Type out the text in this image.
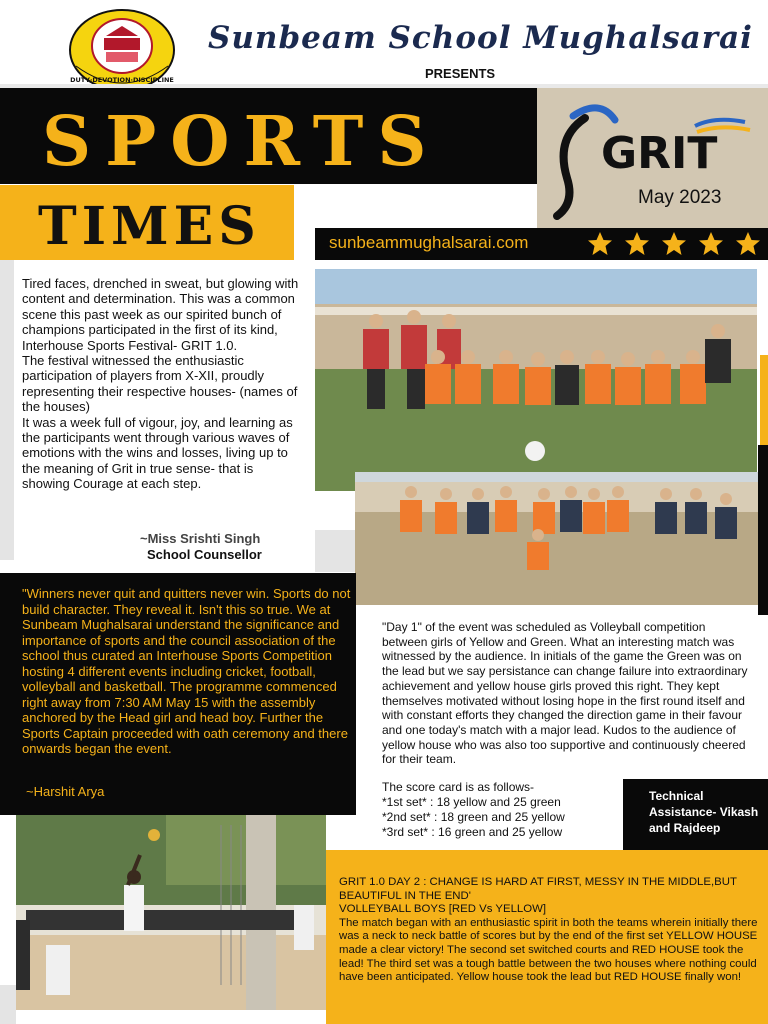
DUTY·DEVOTION·DISCIPLINE
Sunbeam School Mughalsarai
PRESENTS
SPORTS
TIMES
GRIT
May 2023
sunbeammughalsarai.com

Tired faces, drenched in sweat, but glowing with content and determination. This was a common scene this past week as our spirited bunch of champions participated in the first of its kind, Interhouse Sports Festival- GRIT 1.0.

The festival witnessed the enthusiastic participation of players from X-XII, proudly representing their respective houses- (names of the houses)

It was a week full of vigour, joy, and learning as the participants went through various waves of emotions with the wins and losses, living up to the meaning of Grit in true sense- that is showing Courage at each step.

~Miss Srishti Singh
School Counsellor
"Winners never quit and quitters never win. Sports do not build character. They reveal it. Isn't this so true. We at Sunbeam Mughalsarai understand the significance and importance of sports and the council association of the school thus curated an Interhouse Sports Competition hosting 4 different events including cricket, football, volleyball and basketball. The programme commenced right away from 7:30 AM May 15 with the assembly anchored by the Head girl and head boy. Further the Sports Captain proceeded with oath ceremony and there onwards began the event.
~Harshit Arya

"Day 1" of the event was scheduled as Volleyball competition between girls of Yellow and Green. What an interesting match was witnessed by the audience. In initials of the game the Green was on the lead but we say persistance can change failure into extraordinary achievement and yellow house girls proved this right. They kept themselves motivated without losing hope in the first round itself and with constant efforts they changed the direction game in their favour and one today's match with a major lead. Kudos to the audience of yellow house who was also too supportive and continuously cheered for their team.

The score card is as follows-
*1st set* : 18 yellow and 25 green
*2nd set* : 18 green and 25 yellow
*3rd set* : 16 green and 25 yellow
Technical Assistance- Vikash and Rajdeep

GRIT 1.0 DAY 2 : CHANGE IS HARD AT FIRST, MESSY IN THE MIDDLE,BUT BEAUTIFUL IN THE END'

VOLLEYBALL BOYS [RED Vs YELLOW]

The match began with an enthusiastic spirit in both the teams wherein initially there was a neck to neck battle of scores but by the end of the first set YELLOW HOUSE made a clear victory! The second set switched courts and RED HOUSE took the lead! The third set was a tough battle between the two houses where nothing could have been anticipated. Yellow house took the lead but RED HOUSE finally won!
